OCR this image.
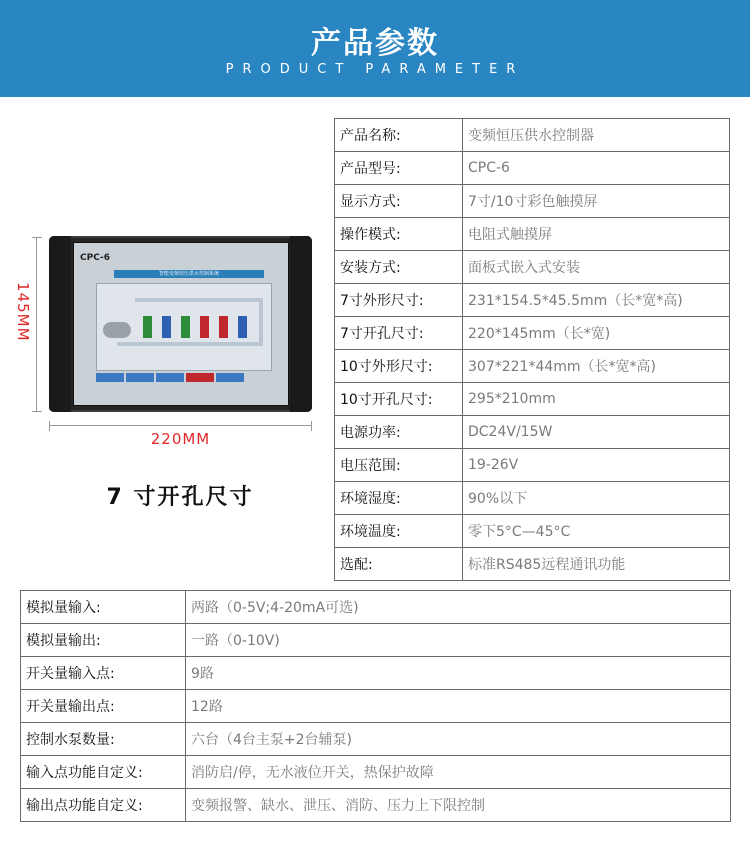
产品参数
PRODUCT PARAMETER
145MM
CPC-6
智能变频恒压供水控制系统
220MM
7 寸开孔尺寸
产品名称:	变频恒压供水控制器
产品型号:	CPC-6
显示方式:	7寸/10寸彩色触摸屏
操作模式:	电阻式触摸屏
安装方式:	面板式嵌入式安装
7寸外形尺寸:	231*154.5*45.5mm（长*宽*高)
7寸开孔尺寸:	220*145mm（长*宽)
10寸外形尺寸:	307*221*44mm（长*宽*高)
10寸开孔尺寸:	295*210mm
电源功率:	DC24V/15W
电压范围:	19-26V
环境湿度:	90%以下
环境温度:	零下5°C—45°C
选配:	标准RS485远程通讯功能
模拟量输入:	两路（0-5V;4-20mA可选)
模拟量输出:	一路（0-10V)
开关量输入点:	9路
开关量输出点:	12路
控制水泵数量:	六台（4台主泵+2台辅泵)
输入点功能自定义:	消防启/停，无水液位开关，热保护故障
输出点功能自定义:	变频报警、缺水、泄压、消防、压力上下限控制
